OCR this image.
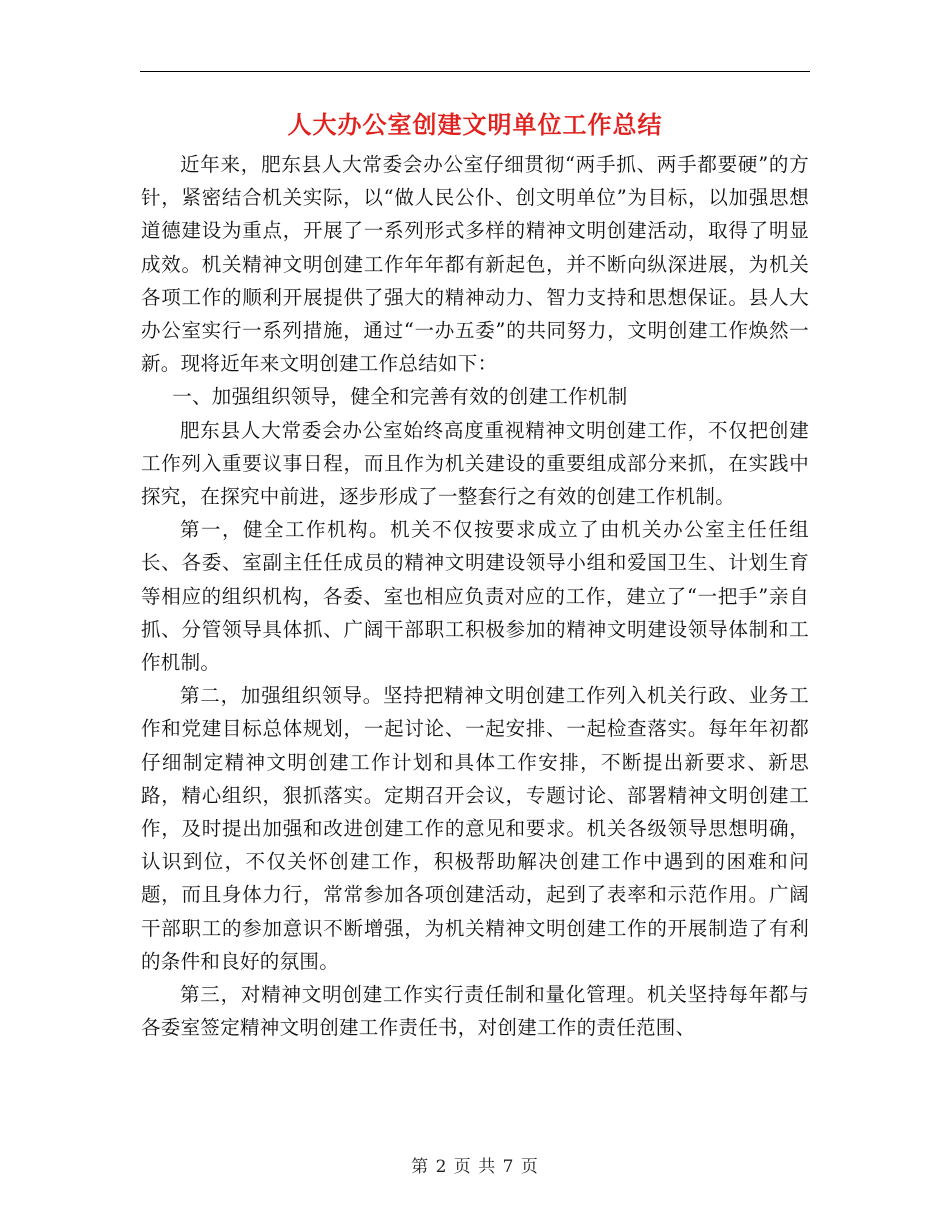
人大办公室创建文明单位工作总结

近年来，肥东县人大常委会办公室仔细贯彻“两手抓、两手都要硬”的方针，紧密结合机关实际，以“做人民公仆、创文明单位”为目标，以加强思想道德建设为重点，开展了一系列形式多样的精神文明创建活动，取得了明显成效。机关精神文明创建工作年年都有新起色，并不断向纵深进展，为机关各项工作的顺利开展提供了强大的精神动力、智力支持和思想保证。县人大办公室实行一系列措施，通过“一办五委”的共同努力，文明创建工作焕然一新。现将近年来文明创建工作总结如下：

一、加强组织领导，健全和完善有效的创建工作机制

肥东县人大常委会办公室始终高度重视精神文明创建工作，不仅把创建工作列入重要议事日程，而且作为机关建设的重要组成部分来抓，在实践中探究，在探究中前进，逐步形成了一整套行之有效的创建工作机制。

第一，健全工作机构。机关不仅按要求成立了由机关办公室主任任组长、各委、室副主任任成员的精神文明建设领导小组和爱国卫生、计划生育等相应的组织机构，各委、室也相应负责对应的工作，建立了“一把手”亲自抓、分管领导具体抓、广阔干部职工积极参加的精神文明建设领导体制和工作机制。

第二，加强组织领导。坚持把精神文明创建工作列入机关行政、业务工作和党建目标总体规划，一起讨论、一起安排、一起检查落实。每年年初都仔细制定精神文明创建工作计划和具体工作安排，不断提出新要求、新思路，精心组织，狠抓落实。定期召开会议，专题讨论、部署精神文明创建工作，及时提出加强和改进创建工作的意见和要求。机关各级领导思想明确，认识到位，不仅关怀创建工作，积极帮助解决创建工作中遇到的困难和问题，而且身体力行，常常参加各项创建活动，起到了表率和示范作用。广阔干部职工的参加意识不断增强，为机关精神文明创建工作的开展制造了有利的条件和良好的氛围。

第三，对精神文明创建工作实行责任制和量化管理。机关坚持每年都与各委室签定精神文明创建工作责任书，对创建工作的责任范围、

第 2 页 共 7 页
